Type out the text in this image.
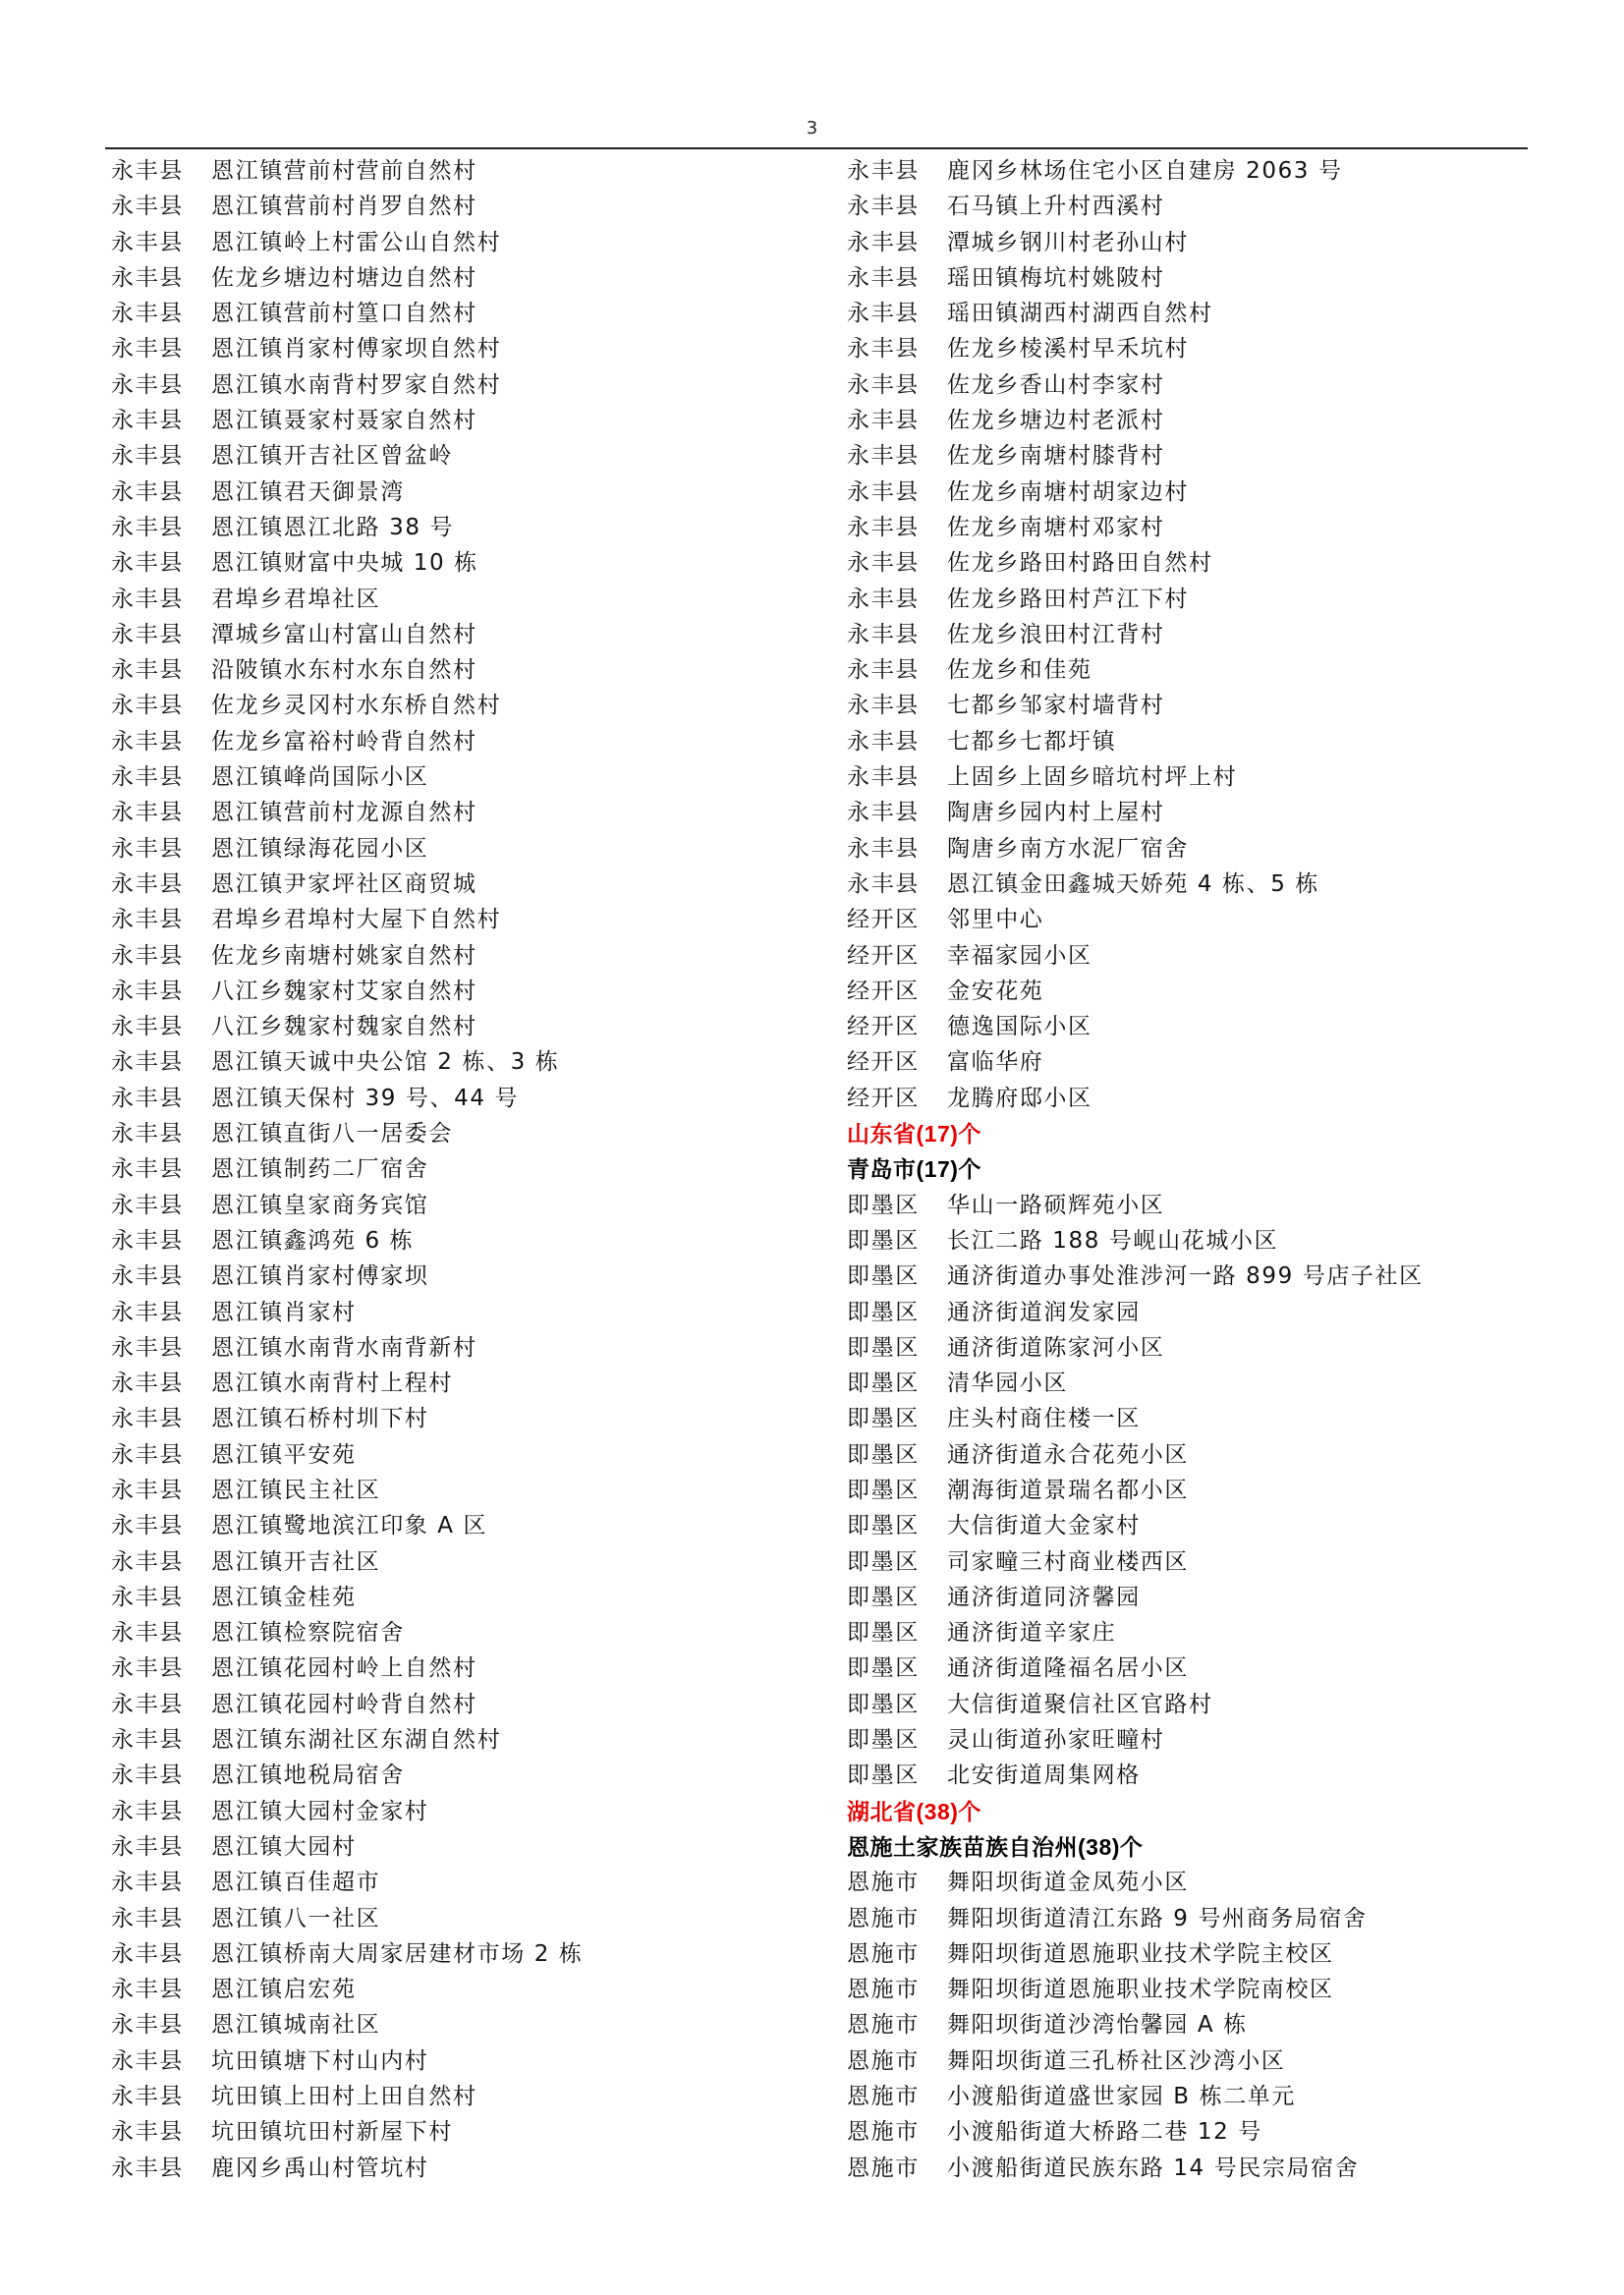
3
永丰县 恩江镇营前村营前自然村
永丰县 恩江镇营前村肖罗自然村
永丰县 恩江镇岭上村雷公山自然村
永丰县 佐龙乡塘边村塘边自然村
永丰县 恩江镇营前村篁口自然村
永丰县 恩江镇肖家村傅家坝自然村
永丰县 恩江镇水南背村罗家自然村
永丰县 恩江镇聂家村聂家自然村
永丰县 恩江镇开吉社区曾盆岭
永丰县 恩江镇君天御景湾
永丰县 恩江镇恩江北路 38 号
永丰县 恩江镇财富中央城 10 栋
永丰县 君埠乡君埠社区
永丰县 潭城乡富山村富山自然村
永丰县 沿陂镇水东村水东自然村
永丰县 佐龙乡灵冈村水东桥自然村
永丰县 佐龙乡富裕村岭背自然村
永丰县 恩江镇峰尚国际小区
永丰县 恩江镇营前村龙源自然村
永丰县 恩江镇绿海花园小区
永丰县 恩江镇尹家坪社区商贸城
永丰县 君埠乡君埠村大屋下自然村
永丰县 佐龙乡南塘村姚家自然村
永丰县 八江乡魏家村艾家自然村
永丰县 八江乡魏家村魏家自然村
永丰县 恩江镇天诚中央公馆 2 栋、3 栋
永丰县 恩江镇天保村 39 号、44 号
永丰县 恩江镇直街八一居委会
永丰县 恩江镇制药二厂宿舍
永丰县 恩江镇皇家商务宾馆
永丰县 恩江镇鑫鸿苑 6 栋
永丰县 恩江镇肖家村傅家坝
永丰县 恩江镇肖家村
永丰县 恩江镇水南背水南背新村
永丰县 恩江镇水南背村上程村
永丰县 恩江镇石桥村圳下村
永丰县 恩江镇平安苑
永丰县 恩江镇民主社区
永丰县 恩江镇鹭地滨江印象 A 区
永丰县 恩江镇开吉社区
永丰县 恩江镇金桂苑
永丰县 恩江镇检察院宿舍
永丰县 恩江镇花园村岭上自然村
永丰县 恩江镇花园村岭背自然村
永丰县 恩江镇东湖社区东湖自然村
永丰县 恩江镇地税局宿舍
永丰县 恩江镇大园村金家村
永丰县 恩江镇大园村
永丰县 恩江镇百佳超市
永丰县 恩江镇八一社区
永丰县 恩江镇桥南大周家居建材市场 2 栋
永丰县 恩江镇启宏苑
永丰县 恩江镇城南社区
永丰县 坑田镇塘下村山内村
永丰县 坑田镇上田村上田自然村
永丰县 坑田镇坑田村新屋下村
永丰县 鹿冈乡禹山村管坑村
永丰县 鹿冈乡林场住宅小区自建房 2063 号
永丰县 石马镇上升村西溪村
永丰县 潭城乡钢川村老孙山村
永丰县 瑶田镇梅坑村姚陂村
永丰县 瑶田镇湖西村湖西自然村
永丰县 佐龙乡棱溪村早禾坑村
永丰县 佐龙乡香山村李家村
永丰县 佐龙乡塘边村老派村
永丰县 佐龙乡南塘村膝背村
永丰县 佐龙乡南塘村胡家边村
永丰县 佐龙乡南塘村邓家村
永丰县 佐龙乡路田村路田自然村
永丰县 佐龙乡路田村芦江下村
永丰县 佐龙乡浪田村江背村
永丰县 佐龙乡和佳苑
永丰县 七都乡邹家村墙背村
永丰县 七都乡七都圩镇
永丰县 上固乡上固乡暗坑村坪上村
永丰县 陶唐乡园内村上屋村
永丰县 陶唐乡南方水泥厂宿舍
永丰县 恩江镇金田鑫城天娇苑 4 栋、5 栋
经开区 邻里中心
经开区 幸福家园小区
经开区 金安花苑
经开区 德逸国际小区
经开区 富临华府
经开区 龙腾府邸小区
山东省(17)个
青岛市(17)个
即墨区 华山一路硕辉苑小区
即墨区 长江二路 188 号岘山花城小区
即墨区 通济街道办事处淮涉河一路 899 号店子社区
即墨区 通济街道润发家园
即墨区 通济街道陈家河小区
即墨区 清华园小区
即墨区 庄头村商住楼一区
即墨区 通济街道永合花苑小区
即墨区 潮海街道景瑞名都小区
即墨区 大信街道大金家村
即墨区 司家疃三村商业楼西区
即墨区 通济街道同济馨园
即墨区 通济街道辛家庄
即墨区 通济街道隆福名居小区
即墨区 大信街道聚信社区官路村
即墨区 灵山街道孙家旺疃村
即墨区 北安街道周集网格
湖北省(38)个
恩施土家族苗族自治州(38)个
恩施市 舞阳坝街道金凤苑小区
恩施市 舞阳坝街道清江东路 9 号州商务局宿舍
恩施市 舞阳坝街道恩施职业技术学院主校区
恩施市 舞阳坝街道恩施职业技术学院南校区
恩施市 舞阳坝街道沙湾怡馨园 A 栋
恩施市 舞阳坝街道三孔桥社区沙湾小区
恩施市 小渡船街道盛世家园 B 栋二单元
恩施市 小渡船街道大桥路二巷 12 号
恩施市 小渡船街道民族东路 14 号民宗局宿舍
